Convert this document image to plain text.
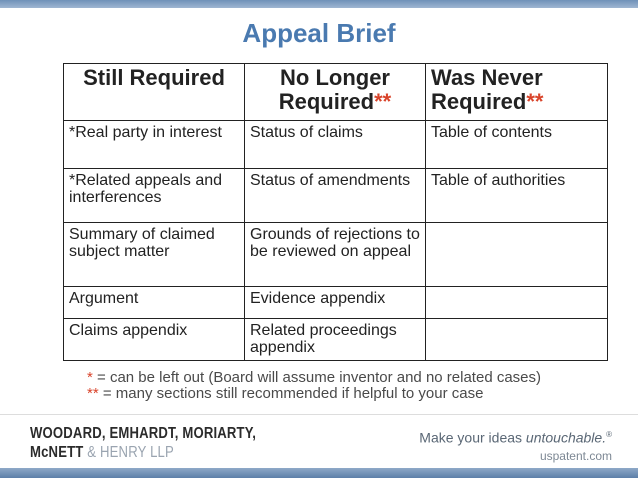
Appeal Brief
Still Required	No Longer Required**	Was Never Required**
*Real party in interest	Status of claims	Table of contents
*Related appeals and interferences	Status of amendments	Table of authorities
Summary of claimed subject matter	Grounds of rejections to be reviewed on appeal	
Argument	Evidence appendix	
Claims appendix	Related proceedings appendix	
* = can be left out (Board will assume inventor and no related cases)
** = many sections still recommended if helpful to your case
WOODARD, EMHARDT, MORIARTY,
McNETT & HENRY LLP
Make your ideas untouchable.®
uspatent.com
